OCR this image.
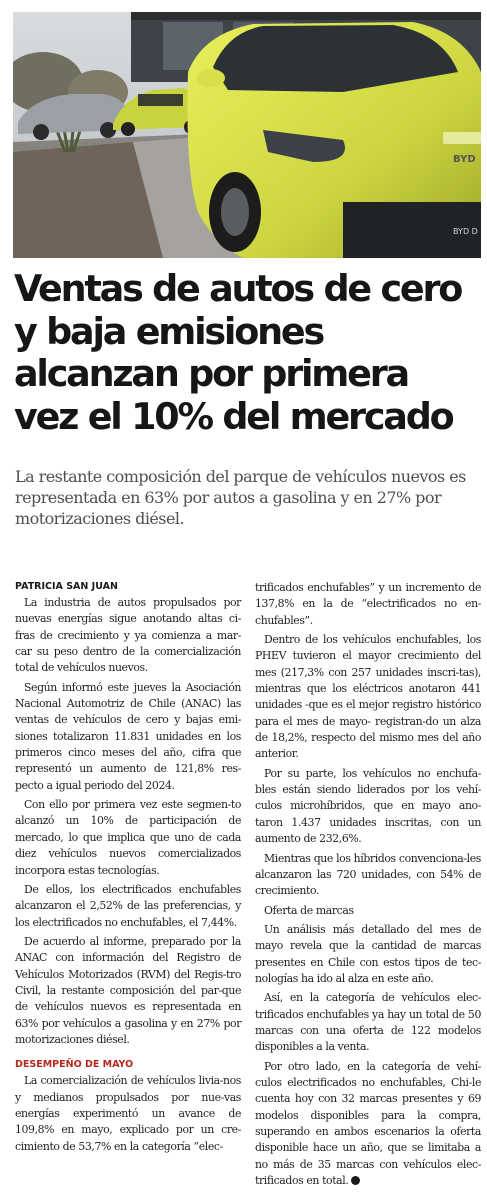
BYD D
BYD
Ventas de autos de cero y baja emisiones alcanzan por primera vez el 10% del mercado

La restante composición del parque de vehículos nuevos es representada en 63% por autos a gasolina y en 27% por motorizaciones diésel.

PATRICIA SAN JUAN

La industria de autos propulsados por nuevas energías sigue anotando altas ci-fras de crecimiento y ya comienza a mar-car su peso dentro de la comercialización total de vehículos nuevos.

Según informó este jueves la Asociación Nacional Automotriz de Chile (ANAC) las ventas de vehículos de cero y bajas emi-siones totalizaron 11.831 unidades en los primeros cinco meses del año, cifra que representó un aumento de 121,8% res-pecto a igual periodo del 2024.

Con ello por primera vez este segmen-to alcanzó un 10% de participación de mercado, lo que implica que uno de cada diez vehículos nuevos comercializados incorpora estas tecnologías.

De ellos, los electrificados enchufables alcanzaron el 2,52% de las preferencias, y los electrificados no enchufables, el 7,44%.

De acuerdo al informe, preparado por la ANAC con información del Registro de Vehículos Motorizados (RVM) del Regis-tro Civil, la restante composición del par-que de vehículos nuevos es representada en 63% por vehículos a gasolina y en 27% por motorizaciones diésel.

DESEMPEÑO DE MAYO

La comercialización de vehículos livia-nos y medianos propulsados por nue-vas energías experimentó un avance de 109,8% en mayo, explicado por un cre-cimiento de 53,7% en la categoría “elec-

trificados enchufables” y un incremento de 137,8% en la de “electrificados no en-chufables”.

Dentro de los vehículos enchufables, los PHEV tuvieron el mayor crecimiento del mes (217,3% con 257 unidades inscri-tas), mientras que los eléctricos anotaron 441 unidades -que es el mejor registro histórico para el mes de mayo- registran-do un alza de 18,2%, respecto del mismo mes del año anterior.

Por su parte, los vehículos no enchufa-bles están siendo liderados por los vehí-culos microhíbridos, que en mayo ano-taron 1.437 unidades inscritas, con un aumento de 232,6%.

Mientras que los híbridos convenciona-les alcanzaron las 720 unidades, con 54% de crecimiento.

Oferta de marcas

Un análisis más detallado del mes de mayo revela que la cantidad de marcas presentes en Chile con estos tipos de tec-nologías ha ido al alza en este año.

Así, en la categoría de vehículos elec-trificados enchufables ya hay un total de 50 marcas con una oferta de 122 modelos disponibles a la venta.

Por otro lado, en la categoría de vehí-culos electrificados no enchufables, Chi-le cuenta hoy con 32 marcas presentes y 69 modelos disponibles para la compra, superando en ambos escenarios la oferta disponible hace un año, que se limitaba a no más de 35 marcas con vehículos elec-trificados en total.
